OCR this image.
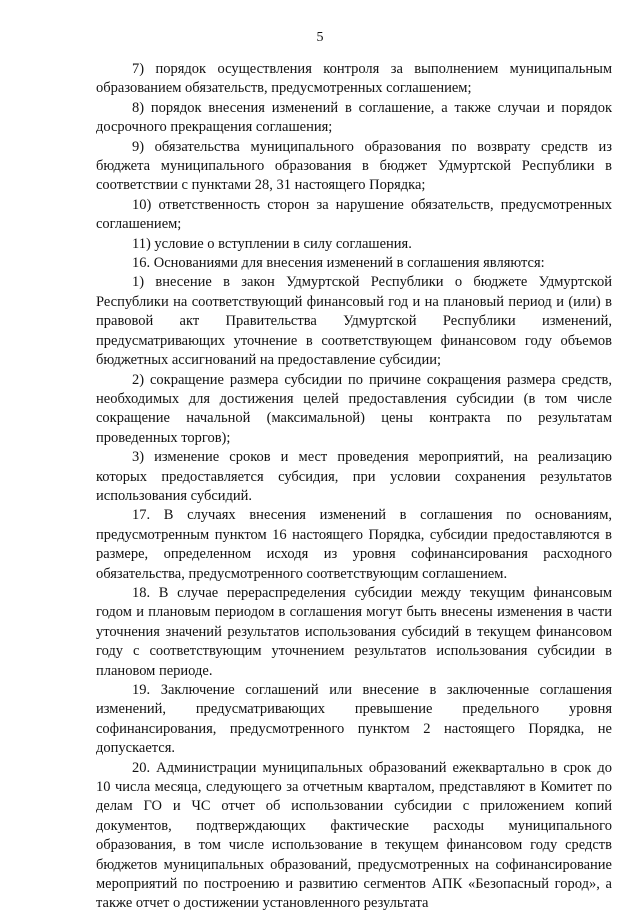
5

7) порядок осуществления контроля за выполнением муниципальным образованием обязательств, предусмотренных соглашением;

8) порядок внесения изменений в соглашение, а также случаи и порядок досрочного прекращения соглашения;

9) обязательства муниципального образования по возврату средств из бюджета муниципального образования в бюджет Удмуртской Республики в соответствии с пунктами 28, 31 настоящего Порядка;

10) ответственность сторон за нарушение обязательств, предусмотренных соглашением;

11) условие о вступлении в силу соглашения.

16. Основаниями для внесения изменений в соглашения являются:

1) внесение в закон Удмуртской Республики о бюджете Удмуртской Республики на соответствующий финансовый год и на плановый период и (или) в правовой акт Правительства Удмуртской Республики изменений, предусматривающих уточнение в соответствующем финансовом году объемов бюджетных ассигнований на предоставление субсидии;

2) сокращение размера субсидии по причине сокращения размера средств, необходимых для достижения целей предоставления субсидии (в том числе сокращение начальной (максимальной) цены контракта по результатам проведенных торгов);

3) изменение сроков и мест проведения мероприятий, на реализацию которых предоставляется субсидия, при условии сохранения результатов использования субсидий.

17. В случаях внесения изменений в соглашения по основаниям, предусмотренным пунктом 16 настоящего Порядка, субсидии предоставляются в размере, определенном исходя из уровня софинансирования расходного обязательства, предусмотренного соответствующим соглашением.

18. В случае перераспределения субсидии между текущим финансовым годом и плановым периодом в соглашения могут быть внесены изменения в части уточнения значений результатов использования субсидий в текущем финансовом году с соответствующим уточнением результатов использования субсидии в плановом периоде.

19. Заключение соглашений или внесение в заключенные соглашения изменений, предусматривающих превышение предельного уровня софинансирования, предусмотренного пунктом 2 настоящего Порядка, не допускается.

20. Администрации муниципальных образований ежеквартально в срок до 10 числа месяца, следующего за отчетным кварталом, представляют в Комитет по делам ГО и ЧС отчет об использовании субсидии с приложением копий документов, подтверждающих фактические расходы муниципального образования, в том числе использование в текущем финансовом году средств бюджетов муниципальных образований, предусмотренных на софинансирование мероприятий по построению и развитию сегментов АПК «Безопасный город», а также отчет о достижении установленного результата
